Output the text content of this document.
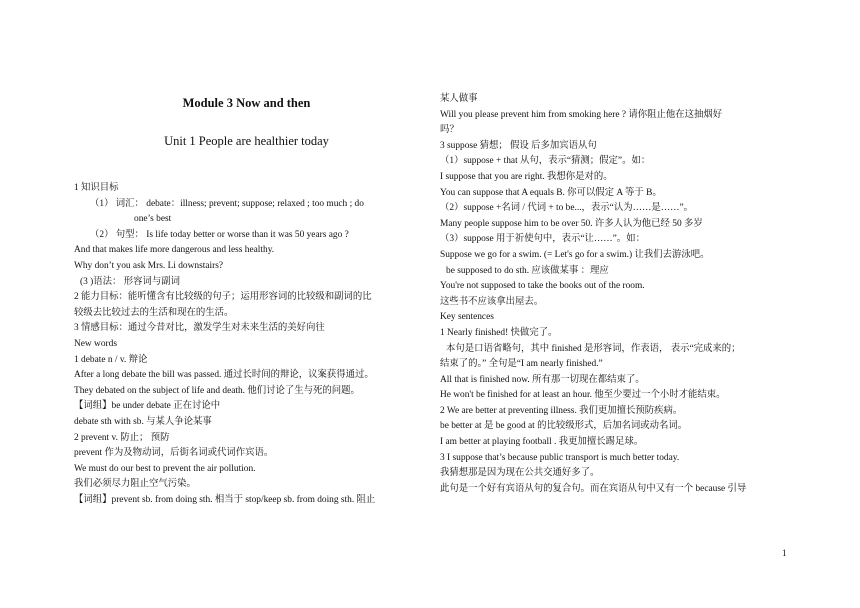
Module 3 Now and then
Unit 1 People are healthier today
1 知识目标
（1） 词汇： debate：illness; prevent; suppose; relaxed ; too much ; do
one’s best
（2） 句型： Is life today better or worse than it was 50 years ago ?
And that makes life more dangerous and less healthy.
Why don’t you ask Mrs. Li downstairs?
(3 )语法： 形容词与副词
2 能力目标：能听懂含有比较级的句子；运用形容词的比较级和副词的比
较级去比较过去的生活和现在的生活。
3 情感目标：通过今昔对比，激发学生对未来生活的美好向往
New words
1 debate n / v. 辩论
After a long debate the bill was passed. 通过长时间的辩论，议案获得通过。
They debated on the subject of life and death. 他们讨论了生与死的问题。
【词组】be under debate 正在讨论中
debate sth with sb. 与某人争论某事
2 prevent v. 防止； 预防
prevent 作为及物动词，后街名词或代词作宾语。
We must do our best to prevent the air pollution.
我们必须尽力阻止空气污染。
【词组】prevent sb. from doing sth. 相当于 stop/keep sb. from doing sth. 阻止
某人做事
Will you please prevent him from smoking here ? 请你阻止他在这抽烟好
吗？
3 suppose 猜想； 假设 后多加宾语从句
（1）suppose + that 从句，表示“猜测；假定”。如：
I suppose that you are right. 我想你是对的。
You can suppose that A equals B. 你可以假定 A 等于 B。
（2）suppose +名词 / 代词 + to be...，表示“认为……是……”。
Many people suppose him to be over 50. 许多人认为他已经 50 多岁
（3）suppose 用于祈使句中，表示“让……”。如：
Suppose we go for a swim. (= Let's go for a swim.) 让我们去游泳吧。
be supposed to do sth. 应该做某事 ：理应
You're not supposed to take the books out of the room.
这些书不应该拿出屋去。
Key sentences
1 Nearly finished! 快做完了。
本句是口语省略句，其中 finished 是形容词，作表语， 表示“完成来的；
结束了的。” 全句是“I am nearly finished.”
All that is finished now. 所有那一切现在都结束了。
He won't be finished for at least an hour. 他至少要过一个小时才能结束。
2 We are better at preventing illness. 我们更加擅长预防疾病。
be better at 是 be good at 的比较级形式，后加名词或动名词。
I am better at playing football . 我更加擅长踢足球。
3 I suppose that’s because public transport is much better today.
我猜想那是因为现在公共交通好多了。
此句是一个好有宾语从句的复合句。而在宾语从句中又有一个 because 引导
1
